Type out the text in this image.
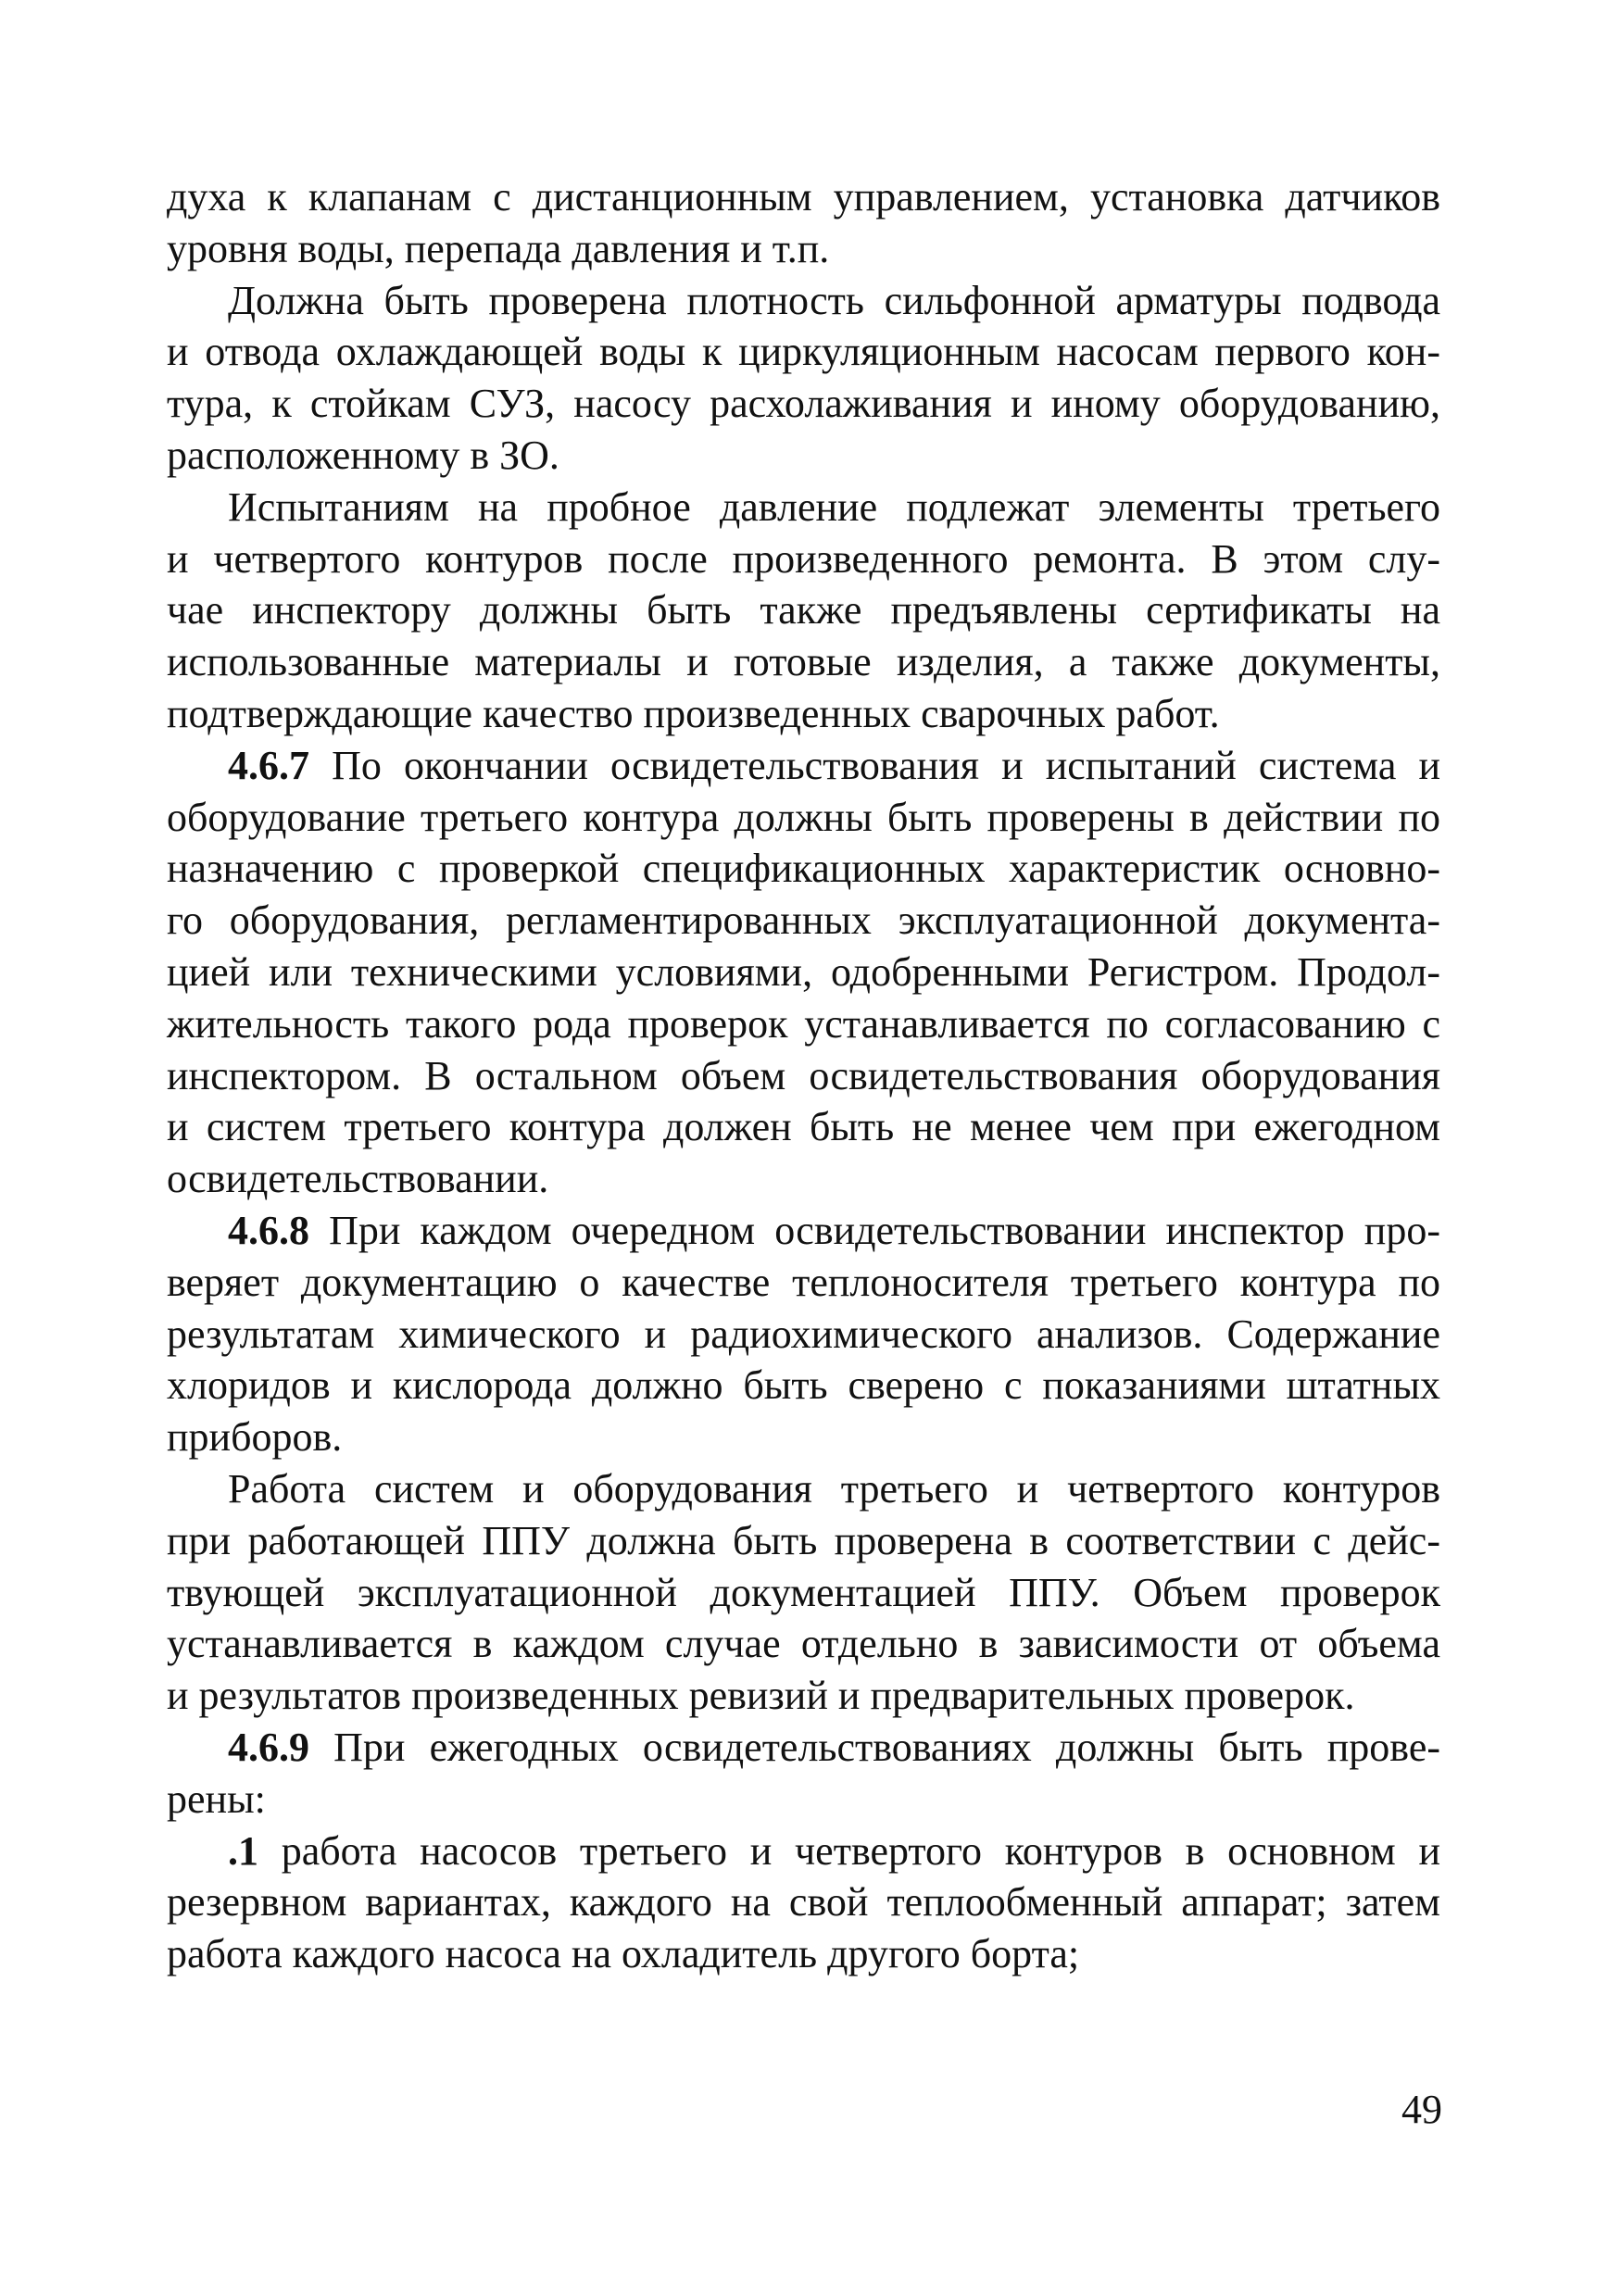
духа к клапанам с дистанционным управлением, установка датчиков
уровня воды, перепада давления и т.п.
Должна быть проверена плотность сильфонной арматуры подвода
и отвода охлаждающей воды к циркуляционным насосам первого кон-
тура, к стойкам СУЗ, насосу расхолаживания и иному оборудованию,
расположенному в ЗО.
Испытаниям на пробное давление подлежат элементы третьего
и четвертого контуров после произведенного ремонта. В этом слу-
чае инспектору должны быть также предъявлены сертификаты на
использованные материалы и готовые изделия, а также документы,
подтверждающие качество произведенных сварочных работ.
4.6.7 По окончании освидетельствования и испытаний система и
оборудование третьего контура должны быть проверены в действии по
назначению с проверкой спецификационных характеристик основно-
го оборудования, регламентированных эксплуатационной документа-
цией или техническими условиями, одобренными Регистром. Продол-
жительность такого рода проверок устанавливается по согласованию с
инспектором. В остальном объем освидетельствования оборудования
и систем третьего контура должен быть не менее чем при ежегодном
освидетельствовании.
4.6.8 При каждом очередном освидетельствовании инспектор про-
веряет документацию о качестве теплоносителя третьего контура по
результатам химического и радиохимического анализов. Содержание
хлоридов и кислорода должно быть сверено с показаниями штатных
приборов.
Работа систем и оборудования третьего и четвертого контуров
при работающей ППУ должна быть проверена в соответствии с дейс-
твующей эксплуатационной документацией ППУ. Объем проверок
устанавливается в каждом случае отдельно в зависимости от объема
и результатов произведенных ревизий и предварительных проверок.
4.6.9 При ежегодных освидетельствованиях должны быть прове-
рены:
.1 работа насосов третьего и четвертого контуров в основном и
резервном вариантах, каждого на свой теплообменный аппарат; затем
работа каждого насоса на охладитель другого борта;
49
